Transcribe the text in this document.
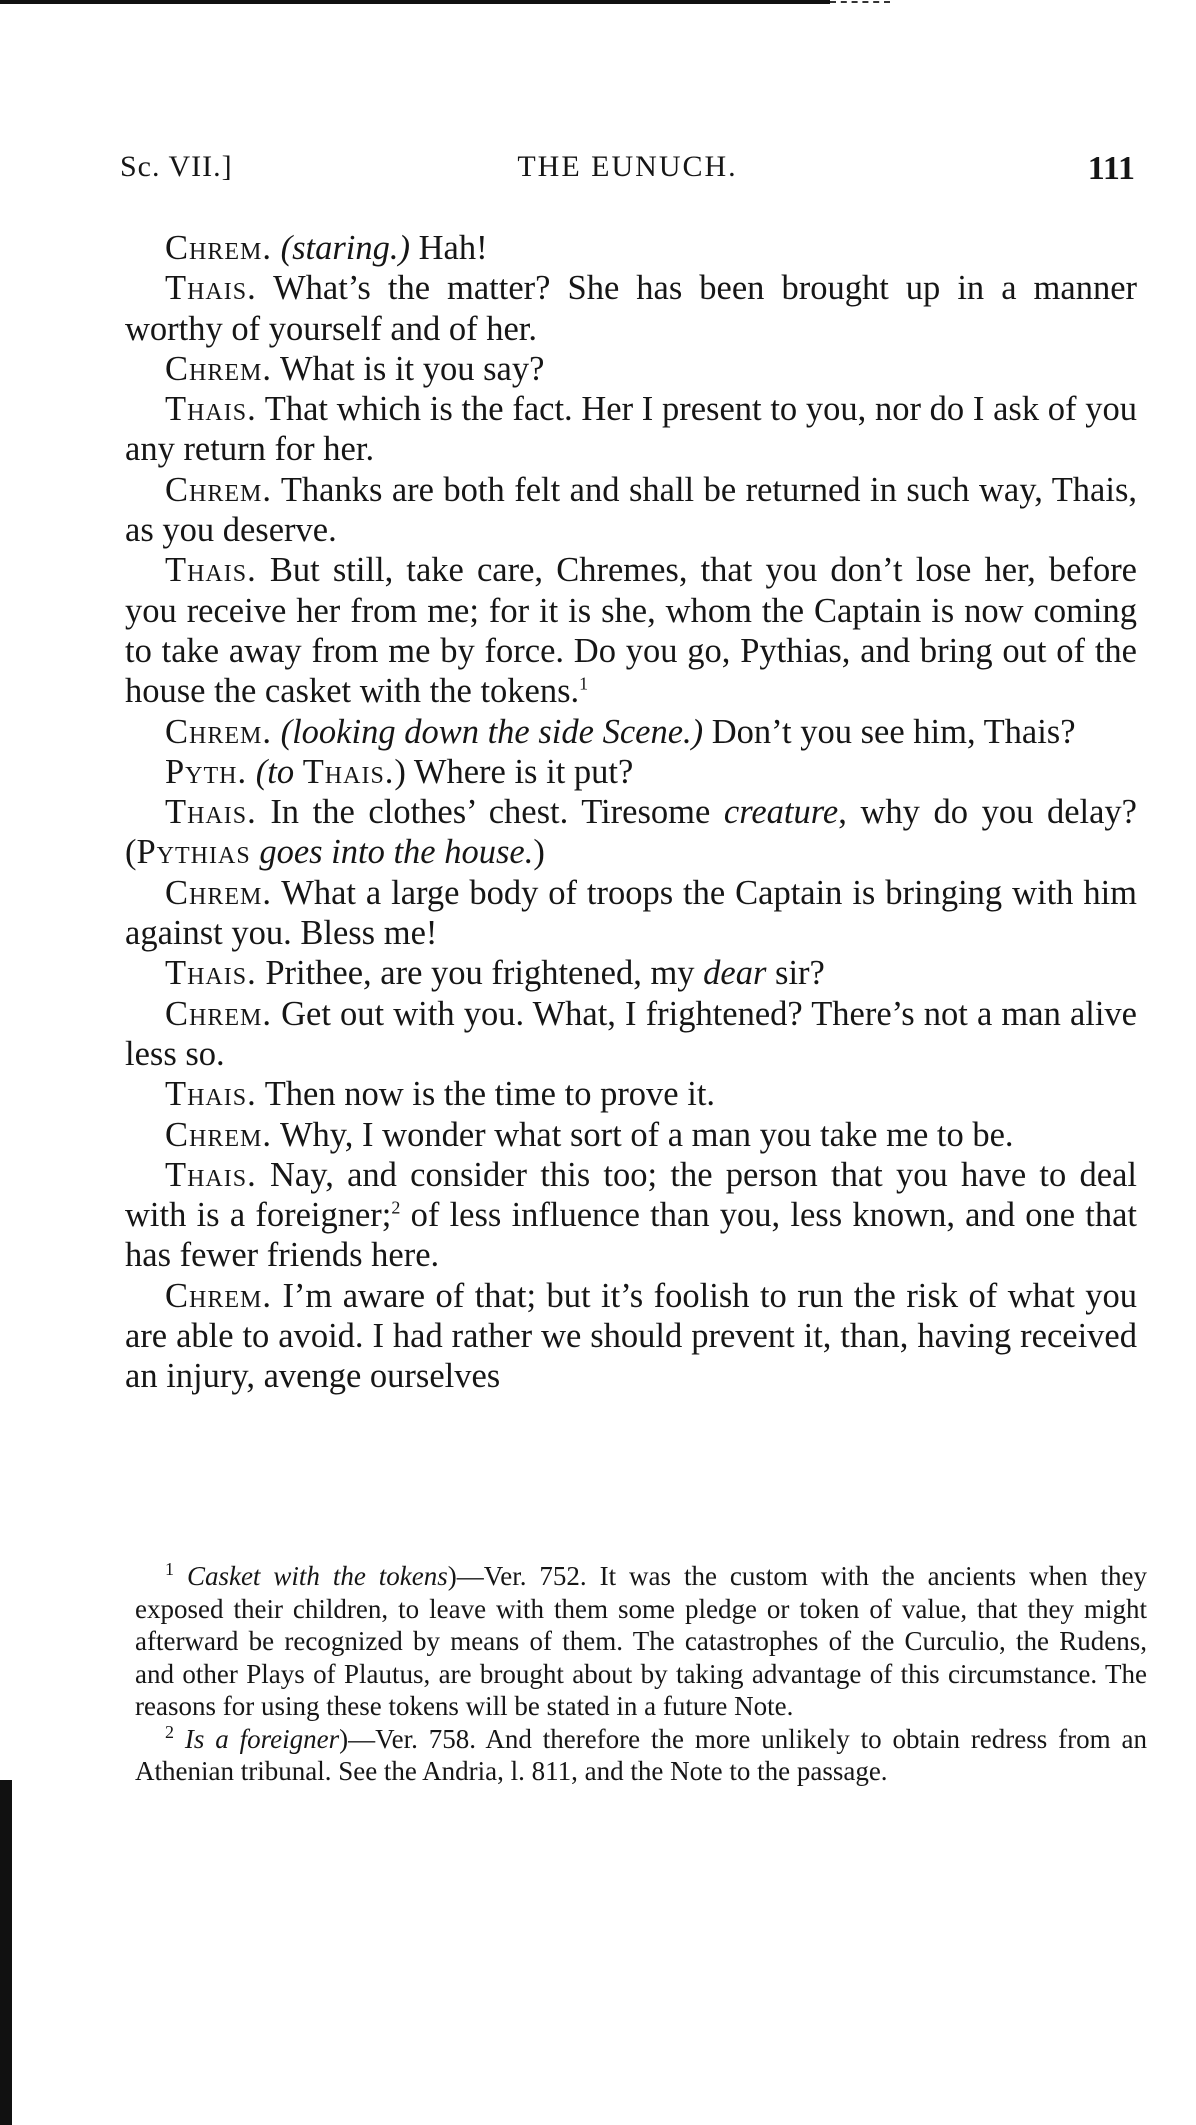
Sc. VII.]	THE EUNUCH.	111

Chrem. (staring.) Hah!

Thais. What’s the matter? She has been brought up in a manner worthy of yourself and of her.

Chrem. What is it you say?

Thais. That which is the fact. Her I present to you, nor do I ask of you any return for her.

Chrem. Thanks are both felt and shall be returned in such way, Thais, as you deserve.

Thais. But still, take care, Chremes, that you don’t lose her, before you receive her from me; for it is she, whom the Captain is now coming to take away from me by force. Do you go, Pythias, and bring out of the house the casket with the tokens.$^1$

Chrem. (looking down the side Scene.) Don’t you see him, Thais?

Pyth. (to Thais.) Where is it put?

Thais. In the clothes’ chest. Tiresome creature, why do you delay? (Pythias goes into the house.)

Chrem. What a large body of troops the Captain is bringing with him against you. Bless me!

Thais. Prithee, are you frightened, my dear sir?

Chrem. Get out with you. What, I frightened? There’s not a man alive less so.

Thais. Then now is the time to prove it.

Chrem. Why, I wonder what sort of a man you take me to be.

Thais. Nay, and consider this too; the person that you have to deal with is a foreigner;$^2$ of less influence than you, less known, and one that has fewer friends here.

Chrem. I’m aware of that; but it’s foolish to run the risk of what you are able to avoid. I had rather we should prevent it, than, having received an injury, avenge ourselves

$^1$ Casket with the tokens)—Ver. 752. It was the custom with the ancients when they exposed their children, to leave with them some pledge or token of value, that they might afterward be recognized by means of them. The catastrophes of the Curculio, the Rudens, and other Plays of Plautus, are brought about by taking advantage of this circumstance. The reasons for using these tokens will be stated in a future Note.

$^2$ Is a foreigner)—Ver. 758. And therefore the more unlikely to obtain redress from an Athenian tribunal. See the Andria, l. 811, and the Note to the passage.
